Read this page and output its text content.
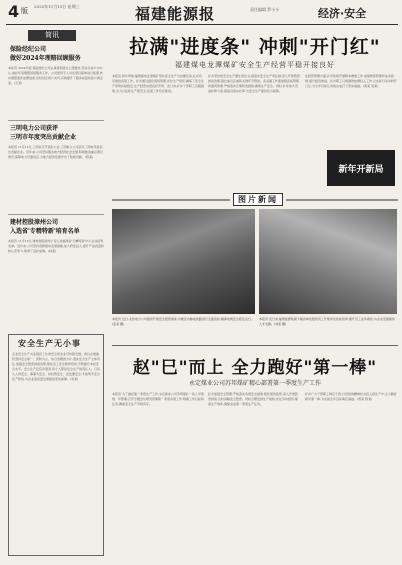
4 版
2025年11月13日 星期三	福建能源报	责任编辑 罗小小	经济·安全
简讯
保险经纪公司
做好2024年理赔回顾服务
本报讯 2024年度,保险经纪公司认真贯彻落实上级要求,坚持以客户为中心,做好年度理赔回顾服务工作。公司组织专人对各项目保单进行梳理,核实理赔案件处理进度,及时回应客户关切,有效提升了服务质量和客户满意度。(王某)
三明电力公司获评
三明市年度突出贡献企业
本报讯 11月12日,三明市召开表彰大会,三明电力公司获评三明市年度突出贡献企业。近年来,公司坚持服务地方经济社会发展,积极推进重点项目建设,保障电力可靠供应,为地方经济发展作出了积极贡献。(陈某)
建材控股漳州公司
入选省'专精特新'培育名单
本报讯 11月10日,建材控股漳州公司入选福建省'专精特新'中小企业培育名单。近年来,公司坚持创新驱动发展战略,加大研发投入,提升产品质量和核心竞争力,取得了良好成效。(林某)
安全生产无小事
企业安全生产关系到员工生命安全和企业可持续发展。我们必须始终坚持安全第一、预防为主、综合治理的方针,落实安全生产主体责任,加强安全隐患排查治理,强化员工安全教育培训,不断提升本质安全水平。安全生产没有旁观者,每个人都是安全生产的责任人。只有人人讲安全、事事为安全、时时想安全、处处要安全,才能筑牢安全生产防线,为企业高质量发展提供坚实保障。(李某)
拉满"进度条" 冲刺"开门红"
福建煤电龙潭煤矿安全生产经营平稳开接良好
本报讯 新年伊始,福建煤电龙潭煤矿坚持安全生产为首要任务,扎实有序推进各项工作。矿井通过强化现场管理,优化生产组织,确保了安全生产形势持续稳定,生产经营实现良好开局。连日来,矿井干部职工克服困难,全力以赴抓生产保安全,各项工作有序推进。
矿井坚持把安全生产摆在首位,认真落实安全生产责任制,深入开展隐患排查治理,强化重点区域和关键环节管控。各采掘工作面加强顶板管理和通风管理,严格落实瓦斯防治措施,确保生产安全。同时,矿井加大设备检修力度,提高设备完好率,为安全生产提供有力保障。
在经营管理方面,矿井积极开展降本增效工作,加强物资管理和成本控制,提升经济效益。矿井职工以饱满的热情投入工作,以实际行动冲刺开门红,为全年目标任务的完成打下坚实基础。(黄某 吴某)
新年开新局
图片新闻
本报讯 近日,龙岩电力公司组织开展安全隐患排查,对辖区内输电线路进行全面巡检,确保电网安全稳定运行。(张某 摄)
本报讯 连日来,福建能源集团下属各单位组织员工开展岗位技能培训,提升员工业务素质,为企业发展提供人才支撑。(刘某 摄)
赵"巳"而上 全力跑好"第一棒"
永定煤业公司苏邦煤矿精心部署第一季度生产工作
本报讯 为了做好第一季度生产工作,永定煤业公司苏邦煤矿一班人早谋划、早部署,召开专题会议研究部署第一季度各项工作,明确工作目标和任务,确保安全生产平稳有序。
矿井加强安全管理,严格落实各项安全措施,强化现场监管,深入开展隐患排查,及时消除安全隐患。同时合理安排生产接续,优化劳动组织,提高生产效率,确保完成第一季度生产任务。
矿井广大干部职工铆足干劲,以昂扬的精神状态投入到生产中,全力跑好新年第一棒,为实现全年目标奠定基础。(郑某 陈某)
